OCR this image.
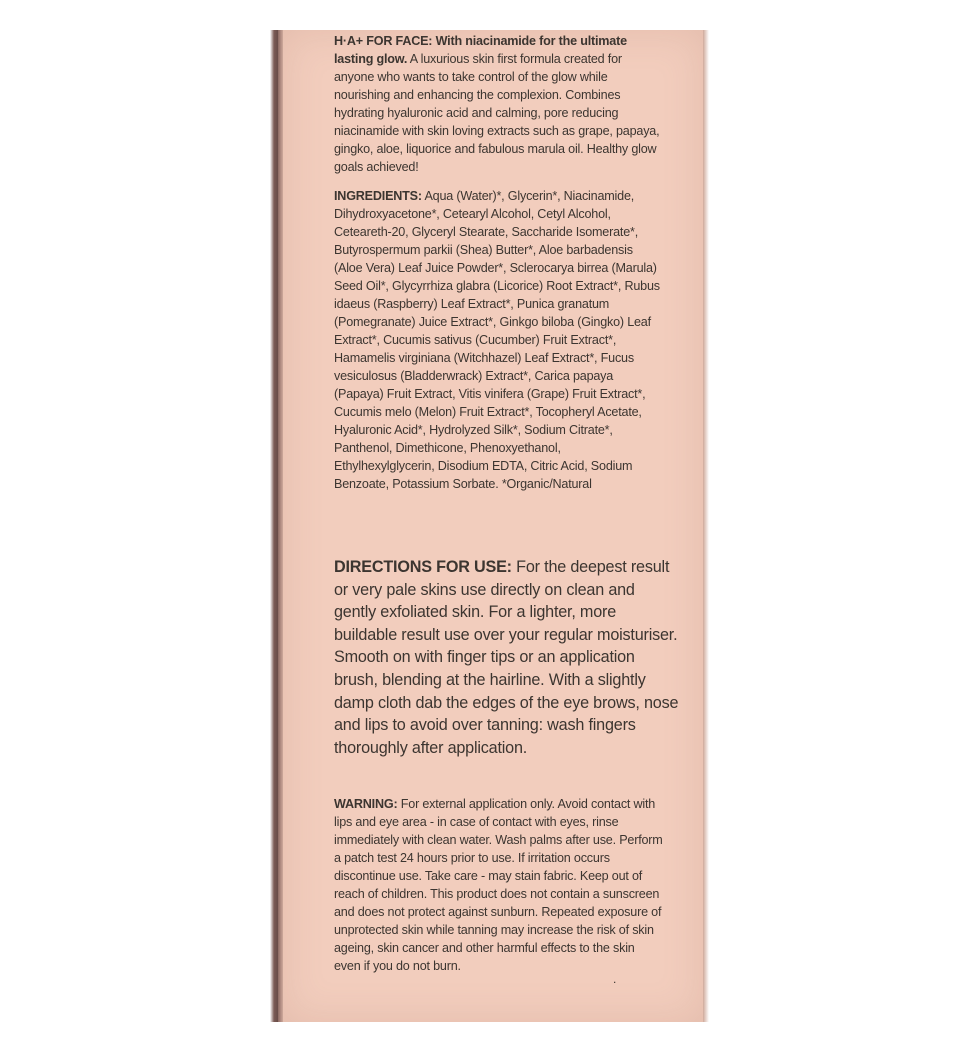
H·A+ FOR FACE: With niacinamide for the ultimate lasting glow. A luxurious skin first formula created for anyone who wants to take control of the glow while nourishing and enhancing the complexion. Combines hydrating hyaluronic acid and calming, pore reducing niacinamide with skin loving extracts such as grape, papaya, gingko, aloe, liquorice and fabulous marula oil. Healthy glow goals achieved!
INGREDIENTS: Aqua (Water)*, Glycerin*, Niacinamide, Dihydroxyacetone*, Cetearyl Alcohol, Cetyl Alcohol, Ceteareth-20, Glyceryl Stearate, Saccharide Isomerate*, Butyrospermum parkii (Shea) Butter*, Aloe barbadensis (Aloe Vera) Leaf Juice Powder*, Sclerocarya birrea (Marula) Seed Oil*, Glycyrrhiza glabra (Licorice) Root Extract*, Rubus idaeus (Raspberry) Leaf Extract*, Punica granatum (Pomegranate) Juice Extract*, Ginkgo biloba (Gingko) Leaf Extract*, Cucumis sativus (Cucumber) Fruit Extract*, Hamamelis virginiana (Witchhazel) Leaf Extract*, Fucus vesiculosus (Bladderwrack) Extract*, Carica papaya (Papaya) Fruit Extract, Vitis vinifera (Grape) Fruit Extract*, Cucumis melo (Melon) Fruit Extract*, Tocopheryl Acetate, Hyaluronic Acid*, Hydrolyzed Silk*, Sodium Citrate*, Panthenol, Dimethicone, Phenoxyethanol, Ethylhexylglycerin, Disodium EDTA, Citric Acid, Sodium Benzoate, Potassium Sorbate. *Organic/Natural
DIRECTIONS FOR USE: For the deepest result or very pale skins use directly on clean and gently exfoliated skin. For a lighter, more buildable result use over your regular moisturiser. Smooth on with finger tips or an application brush, blending at the hairline. With a slightly damp cloth dab the edges of the eye brows, nose and lips to avoid over tanning: wash fingers thoroughly after application.
WARNING: For external application only. Avoid contact with lips and eye area - in case of contact with eyes, rinse immediately with clean water. Wash palms after use. Perform a patch test 24 hours prior to use. If irritation occurs discontinue use. Take care - may stain fabric. Keep out of reach of children. This product does not contain a sunscreen and does not protect against sunburn. Repeated exposure of unprotected skin while tanning may increase the risk of skin ageing, skin cancer and other harmful effects to the skin even if you do not burn.
.
